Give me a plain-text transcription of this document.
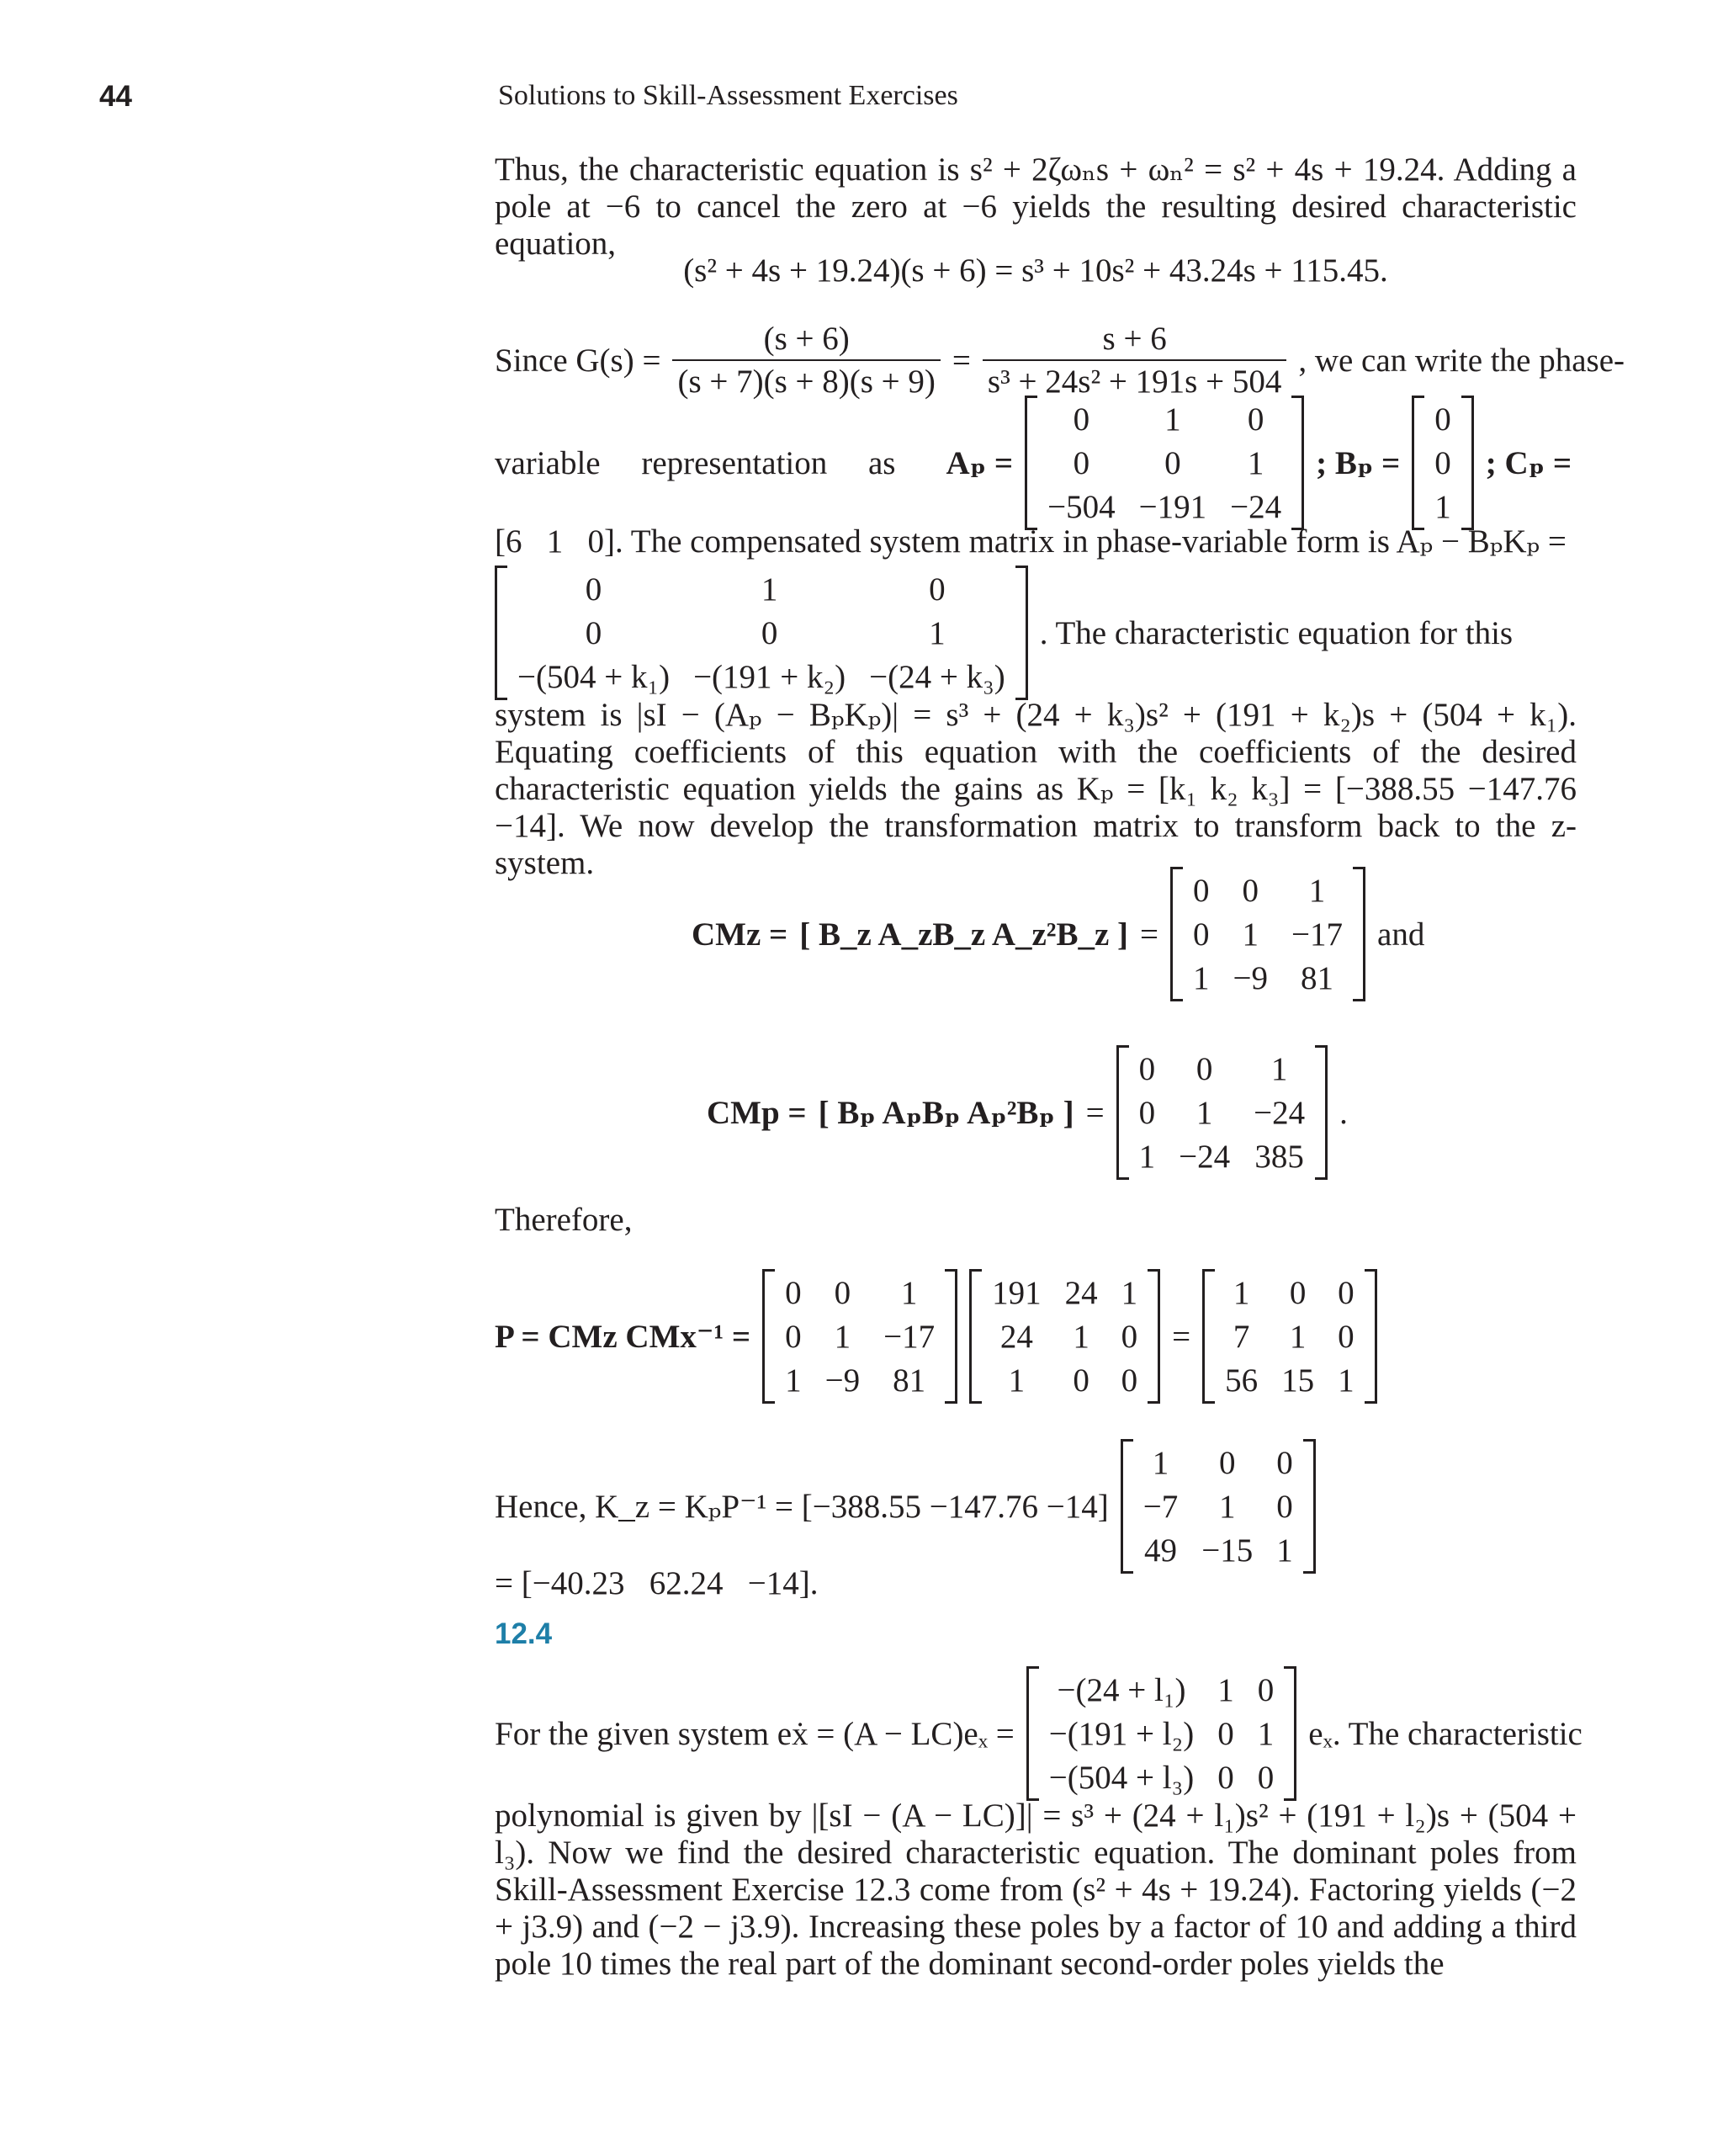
44	Solutions to Skill-Assessment Exercises

Thus, the characteristic equation is s² + 2ζωₙs + ωₙ² = s² + 4s + 19.24. Adding a pole at −6 to cancel the zero at −6 yields the resulting desired characteristic equation,

(s² + 4s + 19.24)(s + 6) = s³ + 10s² + 43.24s + 115.45.
Since $G(s) = \frac{(s + 6)}{(s + 7)(s + 8)(s + 9)} = \frac{s + 6}{\text{s³ + 24s² + 191s + 504}}$ , we can write the phase-
variable     representation     as Aₚ =
0	1	0
0	0	1
−504	−191	−24
; Bₚ =
0
0
1
; Cₚ =
[6   1   0]. The compensated system matrix in phase-variable form is Aₚ − BₚKₚ =
0	1	0
0	0	1
−(504 + k₁)	−(191 + k₂)	−(24 + k₃)
. The characteristic equation for this

system is |sI − (Aₚ − BₚKₚ)| = s³ + (24 + k₃)s² + (191 + k₂)s + (504 + k₁). Equating coefficients of this equation with the coefficients of the desired characteristic equation yields the gains as Kₚ = [k₁ k₂ k₃] = [−388.55 −147.76 −14]. We now develop the transformation matrix to transform back to the z-system.

CMz = [ B_z A_zB_z A_z²B_z ] =
0	0	1
0	1	−17
1	−9	81
and
CMp = [ Bₚ AₚBₚ Aₚ²Bₚ ] =
0	0	1
0	1	−24
1	−24	385
.
Therefore,
P = CMz CMx⁻¹ =
0	0	1
0	1	−17
1	−9	81
191	24	1
24	1	0
1	0	0
=
1	0	0
7	1	0
56	15	1
Hence, K_z = KₚP⁻¹ = [−388.55 −147.76 −14]
1	0	0
−7	1	0
49	−15	1
= [−40.23   62.24   −14].
12.4
For the given system eẋ = (A − LC)eₓ =
−(24 + l₁)	1	0
−(191 + l₂)	0	1
−(504 + l₃)	0	0
eₓ. The characteristic

polynomial is given by |[sI − (A − LC)]| = s³ + (24 + l₁)s² + (191 + l₂)s + (504 + l₃). Now we find the desired characteristic equation. The dominant poles from Skill-Assessment Exercise 12.3 come from (s² + 4s + 19.24). Factoring yields (−2 + j3.9) and (−2 − j3.9). Increasing these poles by a factor of 10 and adding a third pole 10 times the real part of the dominant second-order poles yields the
